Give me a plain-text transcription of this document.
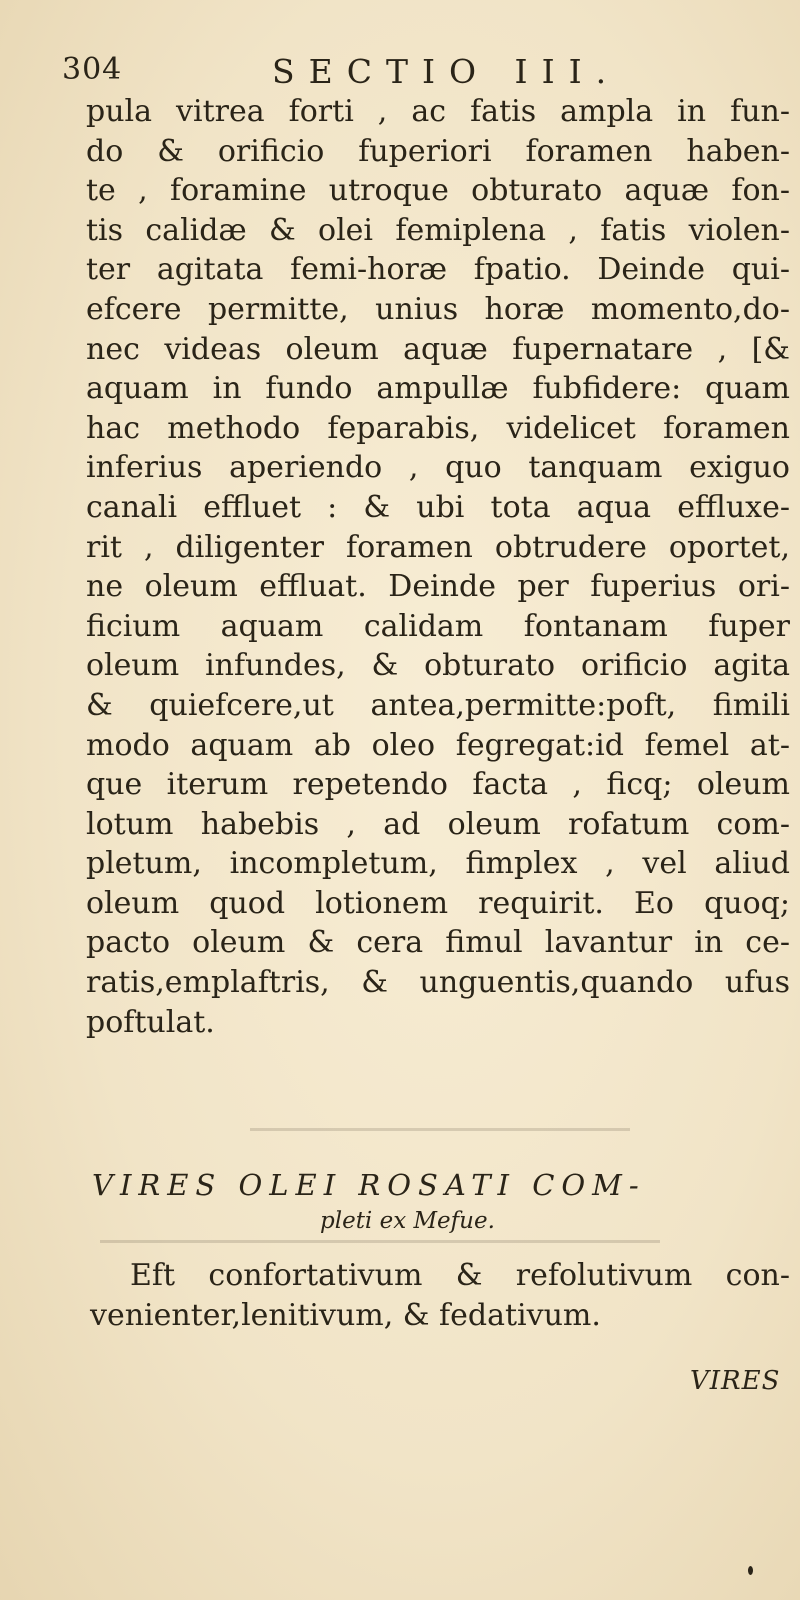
304	SECTIO III.
pula vitrea forti , ac fatis ampla in fun-
do & orificio fuperiori foramen haben-
te , foramine utroque obturato aquæ fon-
tis calidæ & olei femiplena , fatis violen-
ter agitata femi-horæ fpatio. Deinde qui-
efcere permitte, unius horæ momento,do-
nec videas oleum aquæ fupernatare , [&
aquam in fundo ampullæ fubfidere: quam
hac methodo feparabis, videlicet foramen
inferius aperiendo , quo tanquam exiguo
canali effluet : & ubi tota aqua effluxe-
rit , diligenter foramen obtrudere oportet,
ne oleum effluat. Deinde per fuperius ori-
ficium aquam calidam fontanam fuper
oleum infundes, & obturato orificio agita
& quiefcere,ut antea,permitte:poft, fimili
modo aquam ab oleo fegregat:id femel at-
que iterum repetendo facta , ficq; oleum
lotum habebis , ad oleum rofatum com-
pletum, incompletum, fimplex , vel aliud
oleum quod lotionem requirit. Eo quoq;
pacto oleum & cera fimul lavantur in ce-
ratis,emplaftris, & unguentis,quando ufus
poftulat.
VIRES OLEI ROSATI COM-
pleti ex Mefue.
Eft confortativum & refolutivum con-
venienter,lenitivum, & fedativum.
VIRES
